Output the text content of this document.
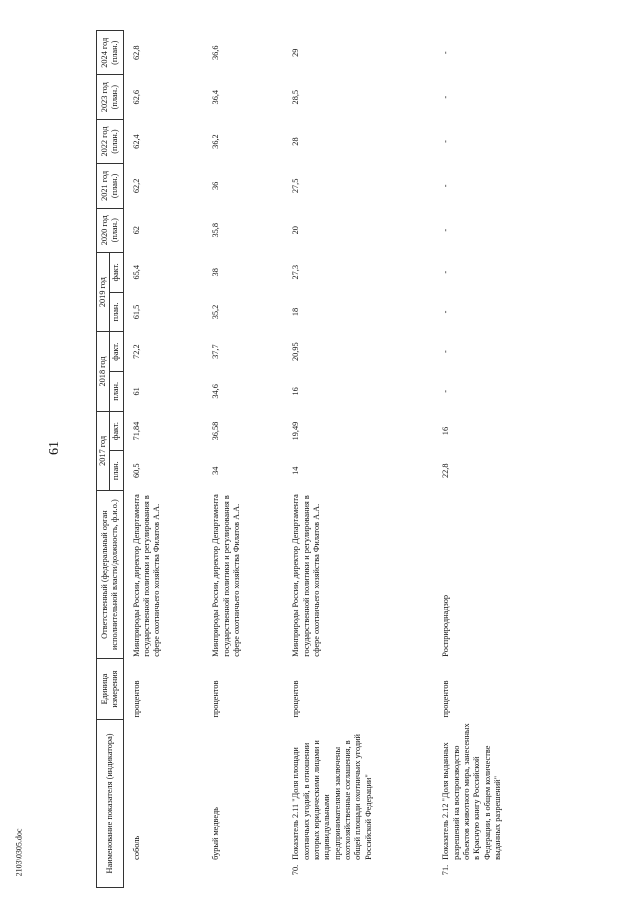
61
2103\0305.doc	Наименование показателя (индикатора)		Единица измерения	Ответственный (федеральный орган исполнительной власти/должность, ф.и.о.)	2017 год		2018 год		2019 год		2020 год (план.)	2021 год (план.)	2022 год (план.)	2023 год (план.)	2024 год (план.)
				план.	факт.	план.	факт.	план.	факт.					
	соболь	процентов	Минприроды России, директор Департамента государственной политики и регулирования в сфере охотничьего хозяйства Филатов А.А.	60,5	71,84	61	72,2	61,5	65,4	62	62,2	62,4	62,6	62,8
	бурый медведь	процентов	Минприроды России, директор Департамента государственной политики и регулирования в сфере охотничьего хозяйства Филатов А.А.	34	36,58	34,6	37,7	35,2	38	35,8	36	36,2	36,4	36,6
70.	Показатель 2.11 "Доля площади охотничьих угодий, в отношении которых юридическими лицами и индивидуальными предпринимателями заключены охотхозяйственные соглашения, в общей площади охотничьих угодий Российской Федерации"	процентов	Минприроды России, директор Департамента государственной политики и регулирования в сфере охотничьего хозяйства Филатов А.А.	14	19,49	16	20,95	18	27,3	20	27,5	28	28,5	29
71.	Показатель 2.12 "Доля выданных разрешений на воспроизводство объектов животного мира, занесенных в Красную книгу Российской Федерации, в общем количестве выданных разрешений"	процентов	Росприроднадзор	22,8	16	-	-	-	-	-	-	-	-	-
